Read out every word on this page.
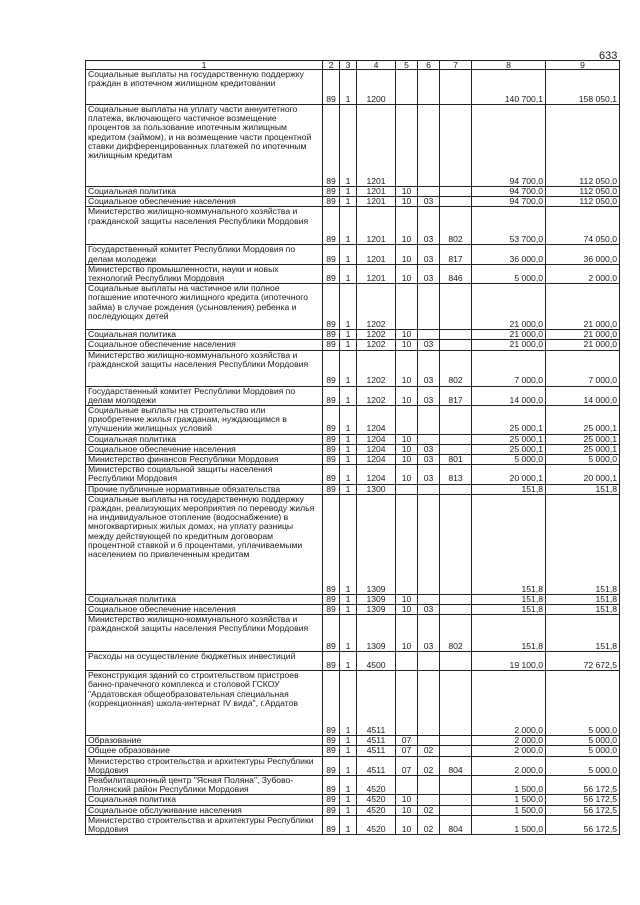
633
1	2	3	4	5	6	7	8	9
Социальные выплаты на государственную поддержку граждан в ипотечном жилищном кредитовании	89	1	1200				140 700,1	158 050,1
Социальные выплаты на уплату части аннуитетного платежа, включающего частичное возмещение процентов за пользование ипотечным жилищным кредитом (займом), и на возмещение части процентной ставки дифференцированных платежей по ипотечным жилищным кредитам	89	1	1201				94 700,0	112 050,0
Социальная политика	89	1	1201	10			94 700,0	112 050,0
Социальное обеспечение населения	89	1	1201	10	03		94 700,0	112 050,0
Министерство жилищно-коммунального хозяйства и гражданской защиты населения Республики Мордовия	89	1	1201	10	03	802	53 700,0	74 050,0
Государственный комитет Республики Мордовия по делам молодежи	89	1	1201	10	03	817	36 000,0	36 000,0
Министерство промышленности, науки и новых технологий Республики Мордовия	89	1	1201	10	03	846	5 000,0	2 000,0
Социальные выплаты на частичное или полное погашение ипотечного жилищного кредита (ипотечного займа) в случае рождения (усыновления) ребенка и последующих детей	89	1	1202				21 000,0	21 000,0
Социальная политика	89	1	1202	10			21 000,0	21 000,0
Социальное обеспечение населения	89	1	1202	10	03		21 000,0	21 000,0
Министерство жилищно-коммунального хозяйства и гражданской защиты населения Республики Мордовия	89	1	1202	10	03	802	7 000,0	7 000,0
Государственный комитет Республики Мордовия по делам молодежи	89	1	1202	10	03	817	14 000,0	14 000,0
Социальные выплаты на строительство или приобретение жилья гражданам, нуждающимся в улучшении жилищных условий	89	1	1204				25 000,1	25 000,1
Социальная политика	89	1	1204	10			25 000,1	25 000,1
Социальное обеспечение населения	89	1	1204	10	03		25 000,1	25 000,1
Министерство финансов Республики Мордовия	89	1	1204	10	03	801	5 000,0	5 000,0
Министерство социальной защиты населения Республики Мордовия	89	1	1204	10	03	813	20 000,1	20 000,1
Прочие публичные нормативные обязательства	89	1	1300				151,8	151,8
Социальные выплаты на государственную поддержку граждан, реализующих мероприятия по переводу жилья на индивидуальное отопление (водоснабжение) в многоквартирных жилых домах, на уплату разницы между действующей по кредитным договорам процентной ставкой и 6 процентами, уплачиваемыми населением по привлеченным кредитам	89	1	1309				151,8	151,8
Социальная политика	89	1	1309	10			151,8	151,8
Социальное обеспечение населения	89	1	1309	10	03		151,8	151,8
Министерство жилищно-коммунального хозяйства и гражданской защиты населения Республики Мордовия	89	1	1309	10	03	802	151,8	151,8
Расходы на осуществление бюджетных инвестиций	89	1	4500				19 100,0	72 672,5
Реконструкция зданий со строительством пристроев банно-прачечного комплекса и столовой ГСКОУ "Ардатовская общеобразовательная специальная (коррекционная) школа-интернат IV вида", г.Ардатов	89	1	4511				2 000,0	5 000,0
Образование	89	1	4511	07			2 000,0	5 000,0
Общее образование	89	1	4511	07	02		2 000,0	5 000,0
Министерство строительства и архитектуры Республики Мордовия	89	1	4511	07	02	804	2 000,0	5 000,0
Реабилитационный центр "Ясная Поляна", Зубово-Полянский район Республики Мордовия	89	1	4520				1 500,0	56 172,5
Социальная политика	89	1	4520	10			1 500,0	56 172,5
Социальное обслуживание населения	89	1	4520	10	02		1 500,0	56 172,5
Министерство строительства и архитектуры Республики Мордовия	89	1	4520	10	02	804	1 500,0	56 172,5
